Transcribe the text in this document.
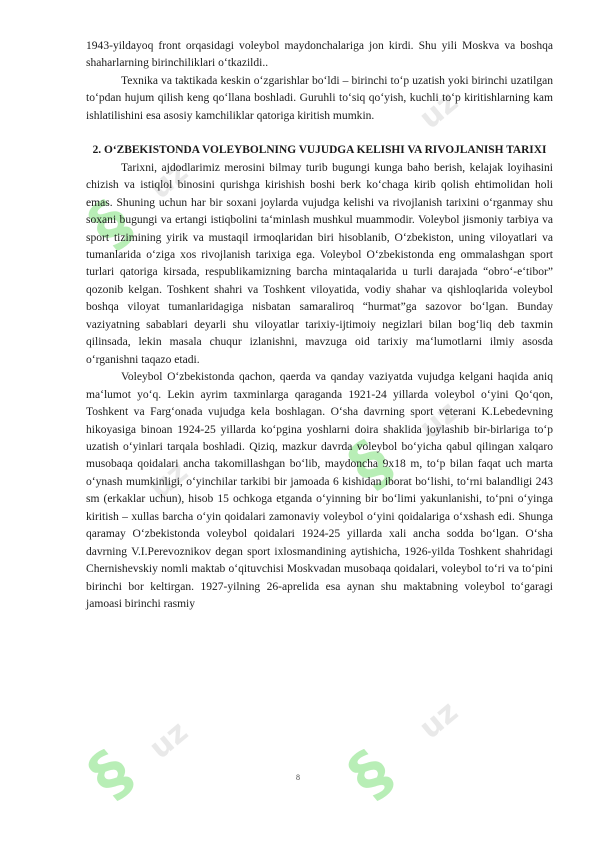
§
§
§	§
uz
uz
uz
uz
uz
uz

1943-yildayoq front orqasidagi voleybol maydonchalariga jon kirdi. Shu yili Moskva va boshqa shaharlarning birinchiliklari o‘tkazildi..

Texnika va taktikada keskin o‘zgarishlar bo‘ldi – birinchi to‘p uzatish yoki birinchi uzatilgan to‘pdan hujum qilish keng qo‘llana boshladi. Guruhli to‘siq qo‘yish, kuchli to‘p kiritishlarning kam ishlatilishini esa asosiy kamchiliklar qatoriga kiritish mumkin.

2. O‘ZBEKISTONDA VOLEYBOLNING VUJUDGA KELISHI VA RIVOJLANISH TARIXI

Tarixni, ajdodlarimiz merosini bilmay turib bugungi kunga baho berish, kelajak loyihasini chizish va istiqlol binosini qurishga kirishish boshi berk ko‘chaga kirib qolish ehtimolidan holi emas. Shuning uchun har bir soxani joylarda vujudga kelishi va rivojlanish tarixini o‘rganmay shu soxani bugungi va ertangi istiqbolini ta‘minlash mushkul muammodir. Voleybol jismoniy tarbiya va sport tizimining yirik va mustaqil irmoqlaridan biri hisoblanib, O‘zbekiston, uning viloyatlari va tumanlarida o‘ziga xos rivojlanish tarixiga ega. Voleybol O‘zbekistonda eng ommalashgan sport turlari qatoriga kirsada, respublikamizning barcha mintaqalarida u turli darajada “obro‘-e‘tibor” qozonib kelgan. Toshkent shahri va Toshkent viloyatida, vodiy shahar va qishloqlarida voleybol boshqa viloyat tumanlaridagiga nisbatan samaraliroq “hurmat”ga sazovor bo‘lgan. Bunday vaziyatning sabablari deyarli shu viloyatlar tarixiy-ijtimoiy negizlari bilan bog‘liq deb taxmin qilinsada, lekin masala chuqur izlanishni, mavzuga oid tarixiy ma‘lumotlarni ilmiy asosda o‘rganishni taqazo etadi.

Voleybol O‘zbekistonda qachon, qaerda va qanday vaziyatda vujudga kelgani haqida aniq ma‘lumot yo‘q. Lekin ayrim taxminlarga qaraganda 1921-24 yillarda voleybol o‘yini Qo‘qon, Toshkent va Farg‘onada vujudga kela boshlagan. O‘sha davrning sport veterani K.Lebedevning hikoyasiga binoan 1924-25 yillarda ko‘pgina yoshlarni doira shaklida joylashib bir-birlariga to‘p uzatish o‘yinlari tarqala boshladi. Qiziq, mazkur davrda voleybol bo‘yicha qabul qilingan xalqaro musobaqa qoidalari ancha takomillashgan bo‘lib, maydoncha 9x18 m, to‘p bilan faqat uch marta o‘ynash mumkinligi, o‘yinchilar tarkibi bir jamoada 6 kishidan iborat bo‘lishi, to‘rni balandligi 243 sm (erkaklar uchun), hisob 15 ochkoga etganda o‘yinning bir bo‘limi yakunlanishi, to‘pni o‘yinga kiritish – xullas barcha o‘yin qoidalari zamonaviy voleybol o‘yini qoidalariga o‘xshash edi. Shunga qaramay O‘zbekistonda voleybol qoidalari 1924-25 yillarda xali ancha sodda bo‘lgan. O‘sha davrning V.I.Perevoznikov degan sport ixlosmandining aytishicha, 1926-yilda Toshkent shahridagi Chernishevskiy nomli maktab o‘qituvchisi Moskvadan musobaqa qoidalari, voleybol to‘ri va to‘pini birinchi bor keltirgan. 1927-yilning 26-aprelida esa aynan shu maktabning voleybol to‘garagi jamoasi birinchi rasmiy

8
